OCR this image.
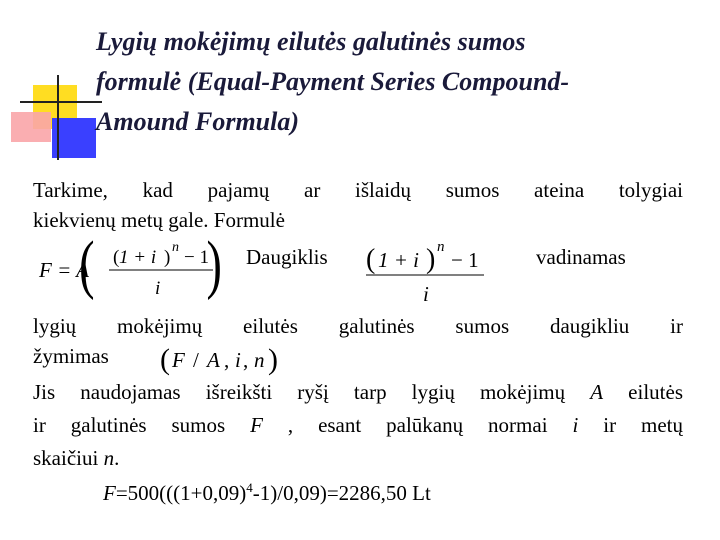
Lygių mokėjimų eilutės galutinės sumos
formulė (Equal-Payment Series Compound-
Amound Formula)
Tarkime, kad pajamų ar išlaidų sumos ateina tolygiai
kiekvienų metų gale. Formulė
F = A
( ( 1 + i ) n − 1
i ) Daugiklis ( 1 + i ) n
− 1
i
vadinamas
lygių mokėjimų eilutės galutinės sumos daugikliu ir
žymimas ( F / A , i , n )
Jis naudojamas išreikšti ryšį tarp lygių mokėjimų A eilutės
ir galutinės sumos F , esant palūkanų normai i ir metų
skaičiui n.
$F=500(((1+0,09)^4-1)/0,09)=2286,50$ Lt
